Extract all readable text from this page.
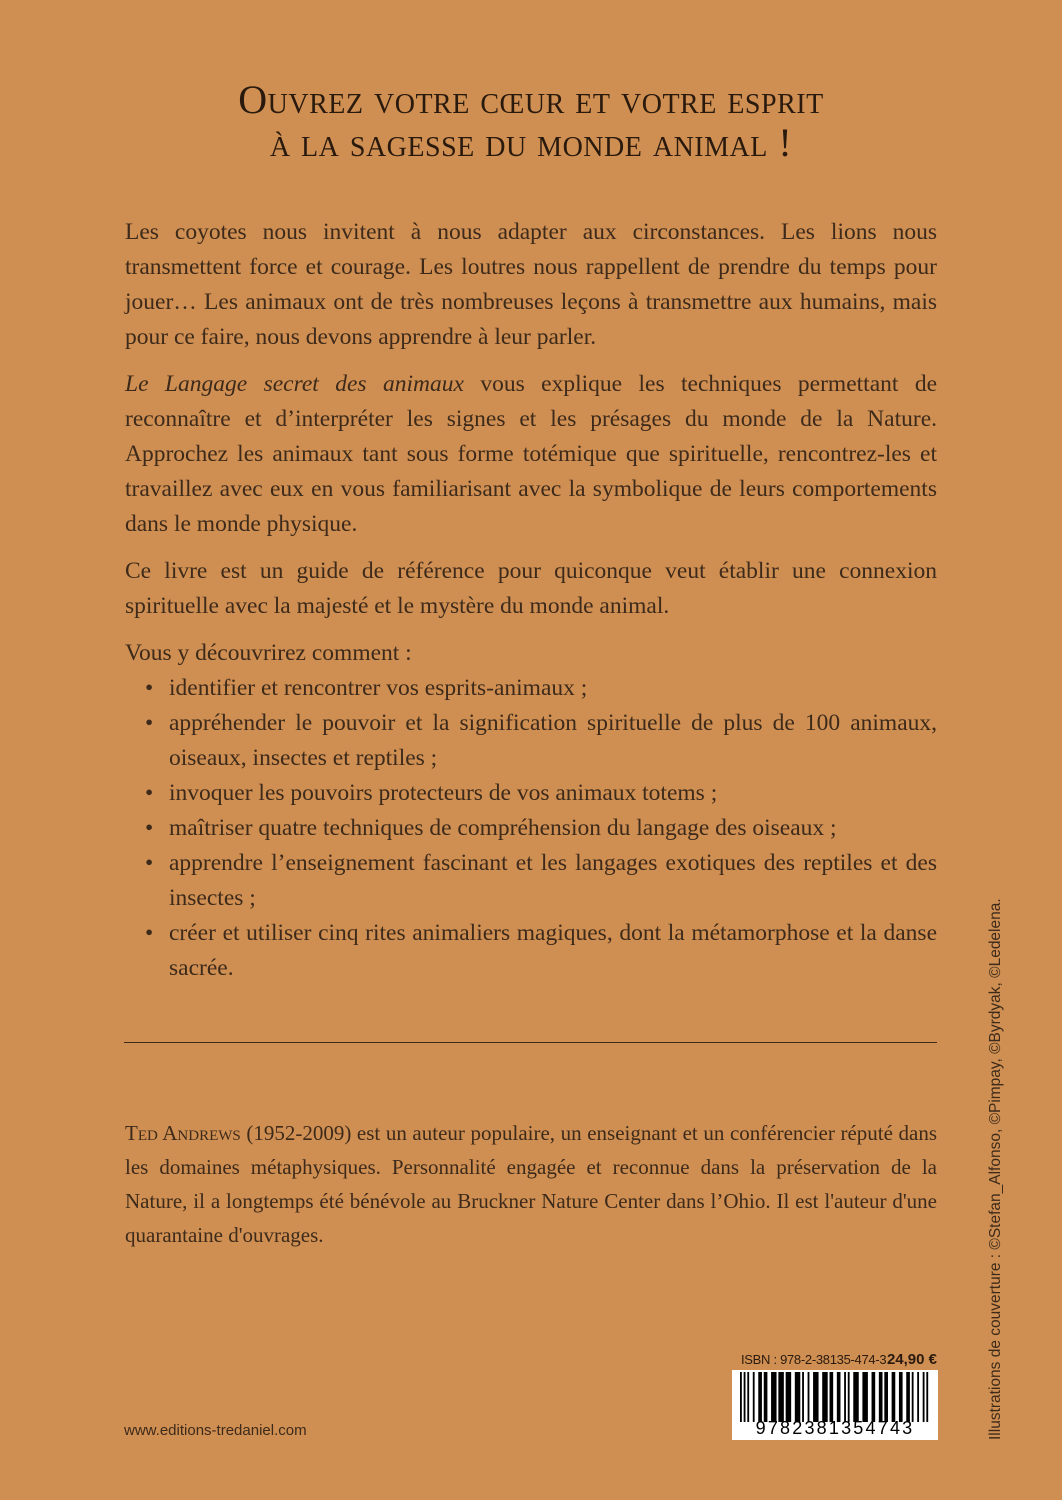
Ouvrez votre cœur et votre esprit
à la sagesse du monde animal !

Les coyotes nous invitent à nous adapter aux circonstances. Les lions nous transmettent force et courage. Les loutres nous rappellent de prendre du temps pour jouer… Les animaux ont de très nombreuses leçons à transmettre aux humains, mais pour ce faire, nous devons apprendre à leur parler.

Le Langage secret des animaux vous explique les techniques permettant de reconnaître et d’interpréter les signes et les présages du monde de la Nature. Approchez les animaux tant sous forme totémique que spirituelle, rencontrez-les et travaillez avec eux en vous familiarisant avec la symbolique de leurs comportements dans le monde physique.

Ce livre est un guide de référence pour quiconque veut établir une connexion spirituelle avec la majesté et le mystère du monde animal.

Vous y découvrirez comment :

• identifier et rencontrer vos esprits-animaux ;
• appréhender le pouvoir et la signification spirituelle de plus de 100 animaux, oiseaux, insectes et reptiles ;
• invoquer les pouvoirs protecteurs de vos animaux totems ;
• maîtriser quatre techniques de compréhension du langage des oiseaux ;
• apprendre l’enseignement fascinant et les langages exotiques des reptiles et des insectes ;
• créer et utiliser cinq rites animaliers magiques, dont la métamorphose et la danse sacrée.

Ted Andrews (1952-2009) est un auteur populaire, un enseignant et un conférencier réputé dans les domaines métaphysiques. Personnalité engagée et reconnue dans la préservation de la Nature, il a longtemps été bénévole au Bruckner Nature Center dans l’Ohio. Il est l'auteur d'une quarantaine d'ouvrages.	Illustrations de couverture : ©Stefan_Alfonso, ©Pimpay, ©Byrdyak, ©Ledelena.
ISBN : 978-2-38135-474-3 24,90 €
9782381354743
www.editions-tredaniel.com
